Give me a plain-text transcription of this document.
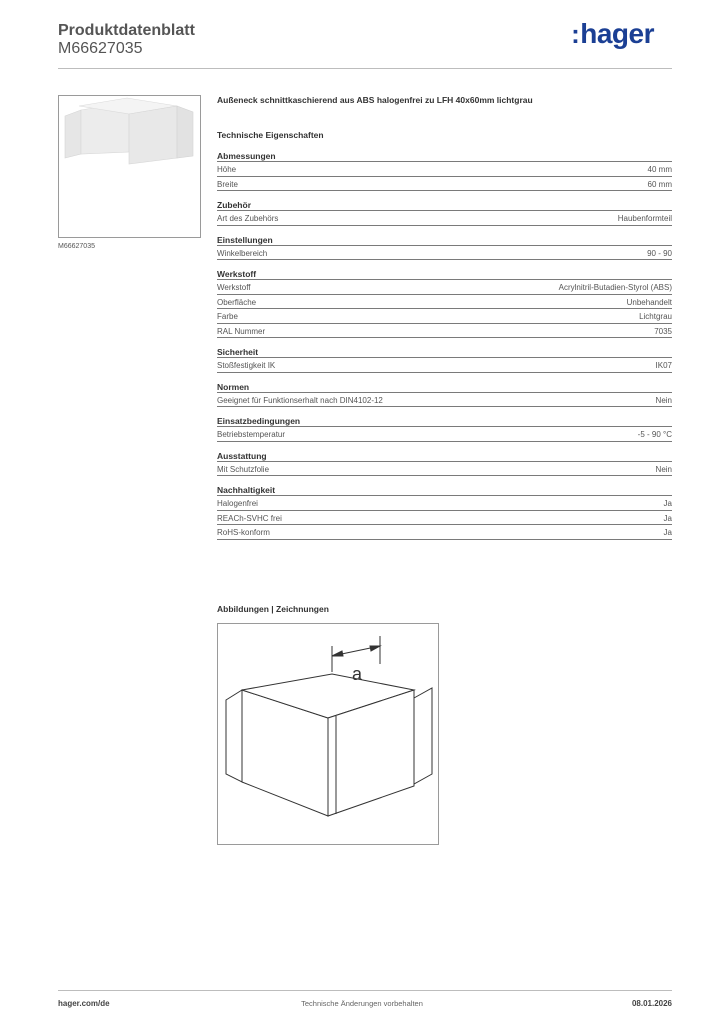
Produktdatenblatt
M66627035	:hager
M66627035
Außeneck schnittkaschierend aus ABS halogenfrei zu LFH 40x60mm lichtgrau
Technische Eigenschaften
Abmessungen
Höhe	40 mm
Breite	60 mm
Zubehör
Art des Zubehörs	Haubenformteil
Einstellungen
Winkelbereich	90 - 90
Werkstoff
Werkstoff	Acrylnitril-Butadien-Styrol (ABS)
Oberfläche	Unbehandelt
Farbe	Lichtgrau
RAL Nummer	7035
Sicherheit
Stoßfestigkeit IK	IK07
Normen
Geeignet für Funktionserhalt nach DIN4102-12	Nein
Einsatzbedingungen
Betriebstemperatur	-5 - 90 °C
Ausstattung
Mit Schutzfolie	Nein
Nachhaltigkeit
Halogenfrei	Ja
REACh-SVHC frei	Ja
RoHS-konform	Ja
Abbildungen | Zeichnungen
a
hager.com/de	Technische Änderungen vorbehalten	08.01.2026
